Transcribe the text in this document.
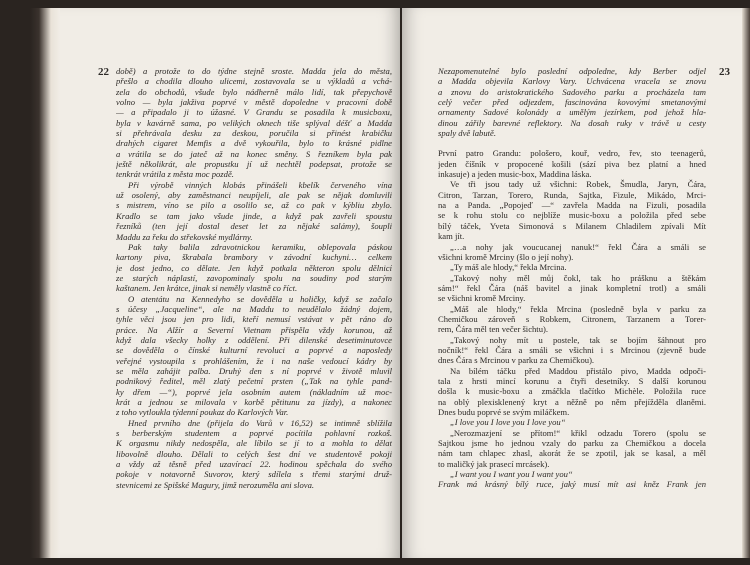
22 době) a protože to do týdne stejně sroste. Madda jela do města,
přešlo a chodila dlouho ulicemi, zostavovala se u výkladů a vchá-
zela do obchodů, všude bylo nádherně málo lidí, tak přepychově
volno — byla jakživa poprvé v městě dopoledne v pracovní době
— a připadalo ji to úžasné. V Grandu se posadila k musicboxu,
byla v kavárně sama, po velikých oknech tiše splýval déšť a Madda
si přehrávala desku za deskou, poručila si přinést krabičku
drahých cigaret Memfis a dvě vykouřila, bylo to krásné pidlne
a vrátila se do jateč až na konec směny. S řezníkem byla pak
ještě několikrát, ale propustku jí už nechtěl podepsat, protože se
tenkrát vrátila z města moc pozdě.
Při výrobě vinných klobás přinášeli kbelík červeného vína
už osolený, aby zaměstnanci neupíjeli, ale pak se nějak domluvili
s mistrem, víno se pilo a osolilo se, až co pak v kýbliu zbylo.
Kradlo se tam jako všude jinde, a když pak zavřeli spoustu
řezníků (ten její dostal deset let za nějaké salámy), šoupli
Maddu za řeku do střekovské mydlárny.
Pak taky balila zdravotnickou keramiku, oblepovala páskou
kartony piva, škrabala brambory v závodní kuchyni… celkem
je dost jedno, co dělate. Jen když potkala některon spolu dělnicí
ze starých náplastí, zavopominaly spolu na soudiny pod starým
kaštanem. Jen krátce, jinak si neměly vlastně co říct.
O atentátu na Kennedyho se dověděla u holičky, když se začalo
s účesy „Jacqueline“, ale na Maddu to neudělalo žádný dojem,
tyhle věci jsou jen pro lidi, kteří nemusí vstávat v pět ráno do
práce. Na Alžír a Severní Vietnam přispěla vždy korunou, až
když dala všecky holky z oddělení. Při dilenské desetiminutovce
se dověděla o čínské kulturní revoluci a poprvé a naposledy
veřejné vystoupila s prohlášením, že i na naše vedoucí kádry by
se měla zahájit palba. Druhý den s ní poprvé v životě mluvil
podnikový ředitel, měl zlatý pečetní prsten („Tak na tyhle pand-
ky dřem —“), poprvé jela osobním autem (nákladním už moc-
krát a jednou se milovala v korbě pětitunu za jízdy), a nakonec
z toho vytloukla týdenní poukaz do Karlových Var.
Hned prvního dne (přijela do Varů v 16,52) se intimně sblížila
s berberským studentem a poprvé pocítila pohlavní rozkoš.
K orgasmu nikdy nedospěla, ale líbilo se jí to a mohla to dělat
libovolně dlouho. Dělali to celých šest dní ve studentově pokoji
a vždy až těsně před uzavírací 22. hodinou spěchala do svého
pokoje v notavorně Suvorov, který sdílela s třemi starými druž-
stevnicemi ze Spišské Magury, jimž nerozuměla ani slova.
23
Nezapomenutelné bylo poslední odpoledne, kdy Berber odjel
a Madda objevila Karlovy Vary. Uchvácena vracela se znovu
a znovu do aristokratického Sadového parku a procházela tam
celý večer před odjezdem, fascinována kovovými smetanovými
ornamenty Sadové kolonády a umělým jezírkem, pod jehož hla-
dinou zářily barevné reflektory. Na dosah ruky v trávě u cesty
spaly dvě labutě.
První patro Grandu: pološero, kouř, vedro, řev, sto teenagerů,
jeden číšník v propocené košili (sází piva bez platní a hned
inkasuje) a jeden music-box, Maddina láska.
Ve tři jsou tady už všichni: Robek, Šmudla, Jaryn, Čára,
Citron, Tarzan, Torero, Runda, Sajtka, Fizule, Mikádo, Mrci-
na a Panda. „Popojeď —“ zavřela Madda na Fizuli, posadila
se k rohu stolu co nejblíže music-boxu a položila před sebe
bílý táček, Yveta Simonová s Milanem Chladilem zpívali Mít
kam jít.
„…a nohy jak voucucanej nanuk!“ řekl Čára a smáli se
všichni kromě Mrciny (šlo o její nohy).
„Ty máš ale hlody,“ řekla Mrcina.
„Takový nohy měl můj čokl, tak ho prášknu a štěkám
sám!“ řekl Čára (náš bavitel a jinak kompletní trotl) a smáli
se všichni kromě Mrciny.
„Máš ale hlody,“ řekla Mrcina (posledně byla v parku za
Chemičkou zároveň s Robkem, Citronem, Tarzanem a Torer-
rem, Čára měl ten večer šichtu).
„Takový nohy mít u postele, tak se bojím šáhnout pro
nočník!“ řekl Čára a smáli se všichni i s Mrcinou (zjevně bude
dnes Čára s Mrcinou v parku za Chemičkou).
Na bílém táčku před Maddou přistálo pivo, Madda odpoči-
tala z hrsti mincí korunu a čtyři desetníky. S další korunou
došla k music-boxu a zmáčkla tlačítko Michèle. Položila ruce
na oblý plexisklenený kryt a něžně po něm přejížděla dlaněmi.
Dnes budu poprvé se svým miláčkem.
„I love you I love you I love you“
„Nerozmazjení se přítom!“ křikl odzadu Torero (spolu se
Sajtkou jsme ho jednou vzaly do parku za Chemičkou a docela
nám tam chlapec zhasl, akorát že se zpotil, jak se kasal, a měl
to maličký jak prasecí mrcásek).
„I want you I want you I want you“
Frank má krásný bílý ruce, jaký musí mít asi kněz Frank jen
